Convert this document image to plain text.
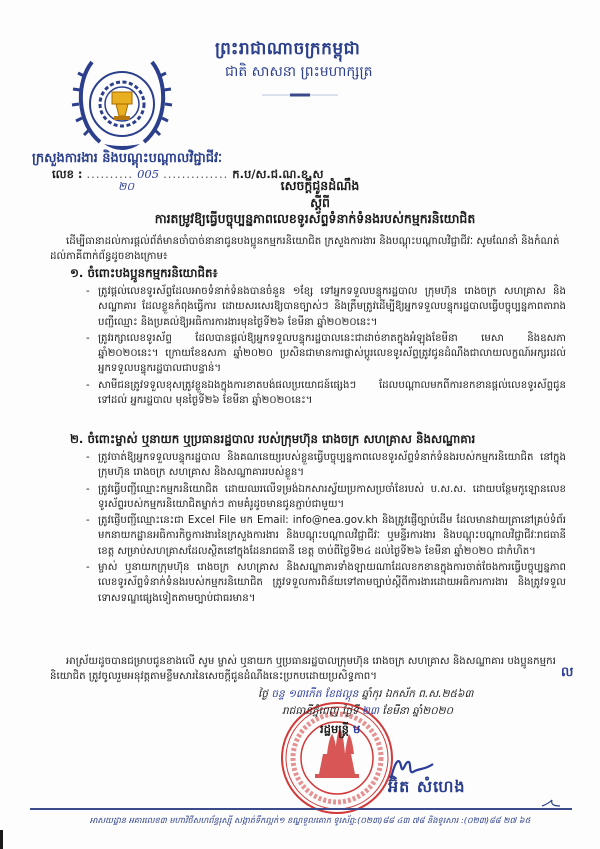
ព្រះរាជាណាចក្រកម្ពុជា
ជាតិ សាសនា ព្រះមហាក្សត្រ
ក្រសួងការងារ និងបណ្តុះបណ្តាលវិជ្ជាជីវៈ
លេខ : .......... 005 .............. ក.ប/ស.ជ.ណ.ខ.ស
២០	សេចក្តីជូនដំណឹង
ស្តីពី
ការតម្រូវឱ្យធ្វើបច្ចុប្បន្នភាពលេខទូរស័ព្ទទំនាក់ទំនងរបស់កម្មករនិយោជិត
ដើម្បីធានាដល់ការផ្តល់ព័ត៌មានចាំបាច់នានាជូនបងប្អូនកម្មករនិយោជិត ក្រសួងការងារ និងបណ្តុះបណ្តាលវិជ្ជាជីវៈ សូមណែនាំ និងកំណត់ដល់ភាគីពាក់ព័ន្ធដូចខាងក្រោម៖
១. ចំពោះបងប្អូនកម្មករនិយោជិត៖
- ត្រូវផ្តល់លេខទូរស័ព្ទដែលអាចទំនាក់ទំនងបានចំនួន ១ខ្សែ ទៅអ្នកទទួលបន្ទុករដ្ឋបាល ក្រុមហ៊ុន រោងចក្រ សហគ្រាស និងសណ្ឋាគារ ដែលខ្លួនកំពុងធ្វើការ ដោយសរសេរឱ្យបានច្បាស់ៗ និងត្រឹមត្រូវដើម្បីឱ្យអ្នកទទួលបន្ទុករដ្ឋបាលធ្វើបច្ចុប្បន្នភាពតារាងបញ្ជីឈ្មោះ និងប្រគល់ឱ្យអធិការការងារមុនថ្ងៃទី២៦ ខែមីនា ឆ្នាំ២០២០នេះ។
- ត្រូវរក្សាលេខទូរស័ព្ទ ដែលបានផ្តល់ឱ្យអ្នកទទួលបន្ទុករដ្ឋបាលនេះជាដាច់ខាតក្នុងអំឡុងខែមីនា មេសា និងឧសភា ឆ្នាំ២០២០នេះ។ ក្រោយខែឧសភា ឆ្នាំ២០២០ ប្រសិនជាមានការផ្លាស់ប្តូរលេខទូរស័ព្ទត្រូវជូនដំណឹងជាលាយលក្ខណ៍អក្សរដល់អ្នកទទួលបន្ទុករដ្ឋបាលជាបន្ទាន់។
- សាមីជនត្រូវទទួលខុសត្រូវខ្លួនឯងក្នុងការខាតបង់ផលប្រយោជន៍ផ្សេងៗ ដែលបណ្តាលមកពីការខកខានផ្តល់លេខទូរស័ព្ទជូនទៅដល់ អ្នករដ្ឋបាល មុនថ្ងៃទី២៦ ខែមីនា ឆ្នាំ២០២០នេះ។
២. ចំពោះម្ចាស់ ឬនាយក ឬប្រធានរដ្ឋបាល របស់ក្រុមហ៊ុន រោងចក្រ សហគ្រាស និងសណ្ឋាគារ
- ត្រូវចាត់ឱ្យអ្នកទទួលបន្ទុករដ្ឋបាល និងគណនេយ្យរបស់ខ្លួនធ្វើបច្ចុប្បន្នភាពលេខទូរស័ព្ទទំនាក់ទំនងរបស់កម្មករនិយោជិត នៅក្នុងក្រុមហ៊ុន រោងចក្រ សហគ្រាស និងសណ្ឋាគាររបស់ខ្លួន។
- ត្រូវធ្វើបញ្ជីឈ្មោះកម្មករនិយោជិត ដោយឈរលើទម្រង់ឯកសារស្វ័យប្រកាសប្រចាំខែរបស់ ប.ស.ស. ដោយបន្ថែមកូឡោនលេខទូរស័ព្ទរបស់កម្មករនិយោជិតម្នាក់ៗ តាមគំរូដូចមានជូនភ្ជាប់ជាមួយ។
- ត្រូវផ្ញើបញ្ជីឈ្មោះនេះជា Excel File មក Email: info@nea.gov.kh និងត្រូវផ្ញើច្បាប់ដើម ដែលមានវាយត្រានៅគ្រប់ទំព័រ មកនាយកដ្ឋានអធិការកិច្ចការងារនៃក្រសួងការងារ និងបណ្តុះបណ្តាលវិជ្ជាជីវៈ ឬមន្ទីរការងារ និងបណ្តុះបណ្តាលវិជ្ជាជីវៈរាជធានី ខេត្ត សម្រាប់សហគ្រាសដែលស្ថិតនៅក្នុងដែនរាជធានី ខេត្ត ចាប់ពីថ្ងៃទី២៤ ដល់ថ្ងៃទី២៦ ខែមីនា ឆ្នាំ២០២០ ជាកំហិត។
- ម្ចាស់ ឬនាយកក្រុមហ៊ុន រោងចក្រ សហគ្រាស និងសណ្ឋាគារទាំងឡាយណាដែលខកខានក្នុងការចាត់ចែងការធ្វើបច្ចុប្បន្នភាពលេខទូរស័ព្ទទំនាក់ទំនងរបស់កម្មករនិយោជិត ត្រូវទទួលការពិន័យទៅតាមច្បាប់ស្តីពីការងារដោយអធិការការងារ និងត្រូវទទួលទោសទណ្ឌផ្សេងទៀតតាមច្បាប់ជាធរមាន។
អាស្រ័យដូចបានជម្រាបជូនខាងលើ សូម ម្ចាស់ ឬនាយក ឬប្រធានរដ្ឋបាលក្រុមហ៊ុន រោងចក្រ សហគ្រាស និងសណ្ឋាគារ បងប្អូនកម្មករនិយោជិត ត្រូវចូលរួមអនុវត្តតាមខ្លឹមសារនៃសេចក្តីជូនដំណឹងនេះប្រកបដោយប្រសិទ្ធភាព។	ល
ថ្ងៃ ចន្ទ ១៣កើត ខែផល្គុន ឆ្នាំកុរ ឯកស័ក ព.ស.២៥៦៣
រាជធានីភ្នំពេញ ថ្ងៃទី ២៣ ខែមីនា ឆ្នាំ២០២០
រដ្ឋមន្ត្រី ម
អ៊ិត សំហេង
អាសយដ្ឋាន អគារលេខ៣ មហាវិថីសហព័ន្ធរុស្ស៊ី សង្កាត់ទឹកល្អក់១ ខណ្ឌទួលគោក ទូរស័ព្ទ:(០២៣)៨៨ ៤៣ ៧៨ និងទូរសារ :(០២៣)៨៨ ២៧ ៦៥
